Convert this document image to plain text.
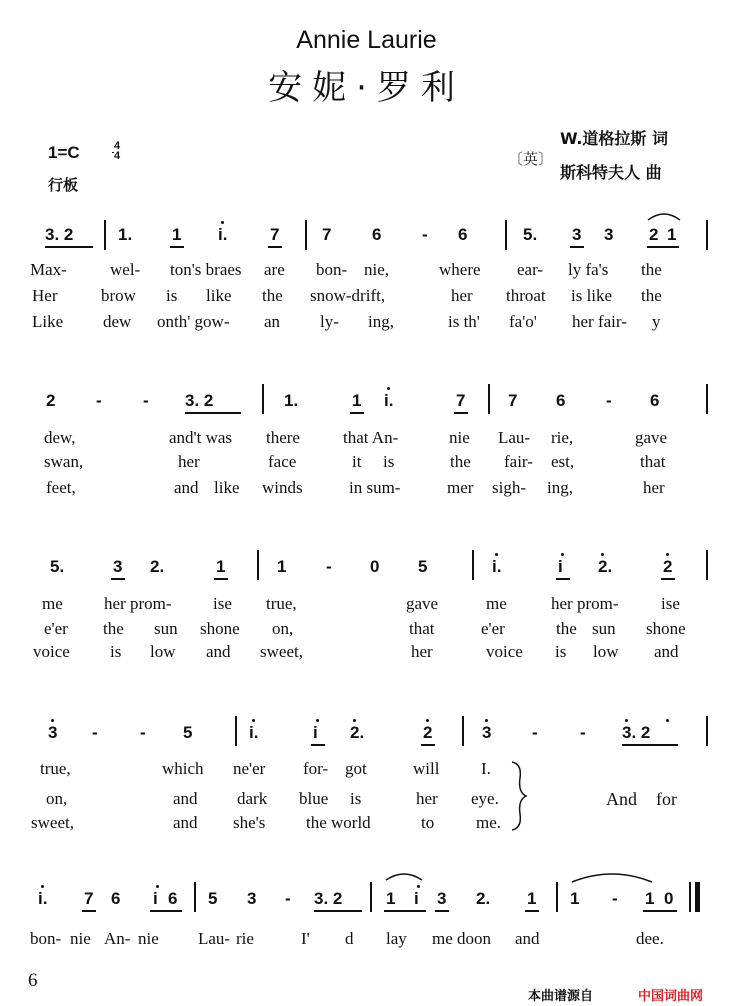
Annie Laurie
安妮·罗利
1=C	4
4
行板
〔英〕
W.道格拉斯 词
斯科特夫人 曲
3. 2	1. 1 i.	7	7 6 - 6	5. 3 3 2 1
Max-	wel- ton's braes are bon- nie,	where ear- ly fa's the
Her	brow is like the snow-drift,	her throat is like the
Like dew onth' gow- an ly- ing,	is th' fa'o' her fair- y
2 - - 3. 2	1.	1 i.	7	7 6 - 6
dew,	and't was there	that An-	nie Lau- rie,	gave
swan,	her	face	it is	the fair- est,	that
feet,	and like winds	in sum-	mer sigh- ing,	her
5.	3 2.	1	1 - 0 5	i.	i 2.	2
me her prom- ise true,	gave	me	her prom- ise
e'er the sun shone on,	that	e'er	the sun shone
voice is low and sweet,	her	voice is low and
3 - - 5	i.	i 2.	2	3 - - 3. 2
true,	which ne'er for- got	will I.
on,	and dark blue is	her eye.
sweet,	and she's the world	to me.
And for
i. 7 6 i 6 5 3 - 3. 2	1 i 3 2. 1 1 - 1 0
bon- nie An- nie Lau- rie	I' d lay me doon and	dee.
6
本曲谱源自	中国词曲网
